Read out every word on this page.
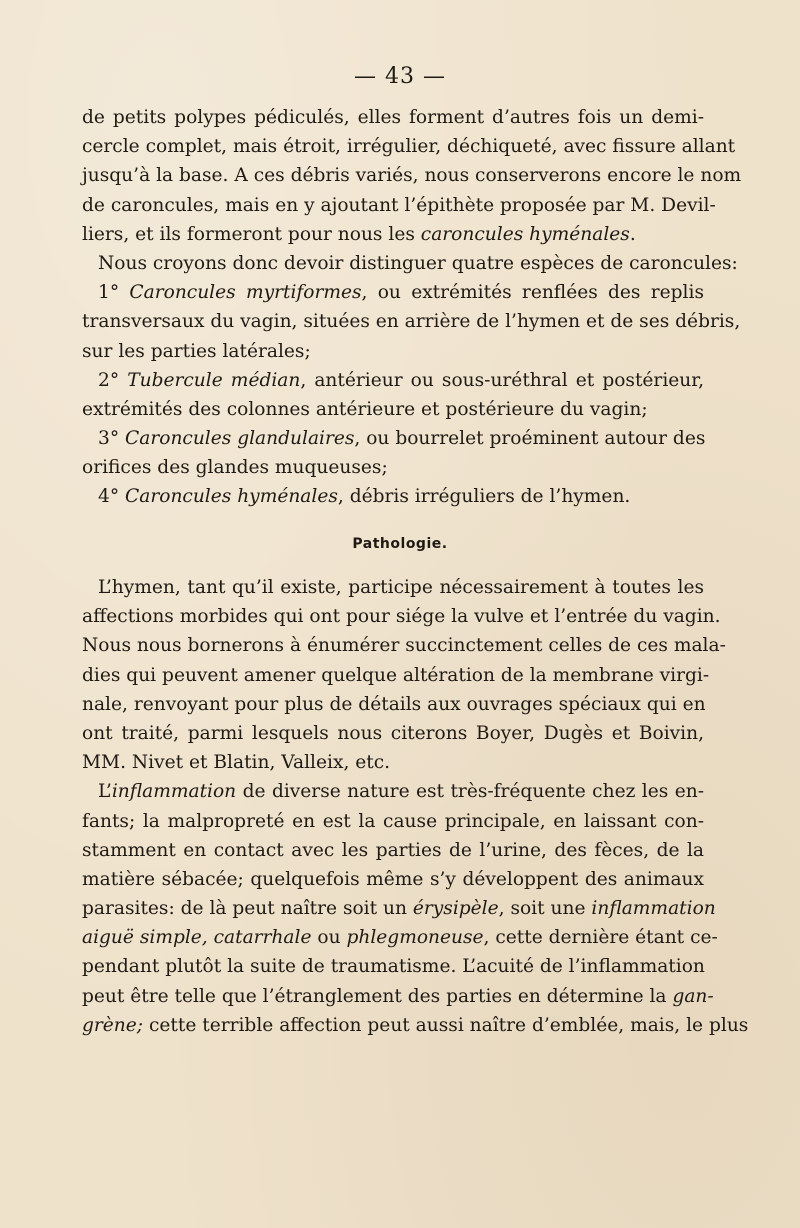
— 43 —
de petits polypes pédiculés, elles forment d’autres fois un demi-
cercle complet, mais étroit, irrégulier, déchiqueté, avec fissure allant
jusqu’à la base. A ces débris variés, nous conserverons encore le nom
de caroncules, mais en y ajoutant l’épithète proposée par M. Devil-
liers, et ils formeront pour nous les caroncules hyménales.
Nous croyons donc devoir distinguer quatre espèces de caroncules:
1° Caroncules myrtiformes, ou extrémités renflées des replis
transversaux du vagin, situées en arrière de l’hymen et de ses débris,
sur les parties latérales;
2° Tubercule médian, antérieur ou sous-uréthral et postérieur,
extrémités des colonnes antérieure et postérieure du vagin;
3° Caroncules glandulaires, ou bourrelet proéminent autour des
orifices des glandes muqueuses;
4° Caroncules hyménales, débris irréguliers de l’hymen.
Pathologie.
L’hymen, tant qu’il existe, participe nécessairement à toutes les
affections morbides qui ont pour siége la vulve et l’entrée du vagin.
Nous nous bornerons à énumérer succinctement celles de ces mala-
dies qui peuvent amener quelque altération de la membrane virgi-
nale, renvoyant pour plus de détails aux ouvrages spéciaux qui en
ont traité, parmi lesquels nous citerons Boyer, Dugès et Boivin,
MM. Nivet et Blatin, Valleix, etc.
L’inflammation de diverse nature est très-fréquente chez les en-
fants; la malpropreté en est la cause principale, en laissant con-
stamment en contact avec les parties de l’urine, des fèces, de la
matière sébacée; quelquefois même s’y développent des animaux
parasites: de là peut naître soit un érysipèle, soit une inflammation
aiguë simple, catarrhale ou phlegmoneuse, cette dernière étant ce-
pendant plutôt la suite de traumatisme. L’acuité de l’inflammation
peut être telle que l’étranglement des parties en détermine la gan-
grène; cette terrible affection peut aussi naître d’emblée, mais, le plus
